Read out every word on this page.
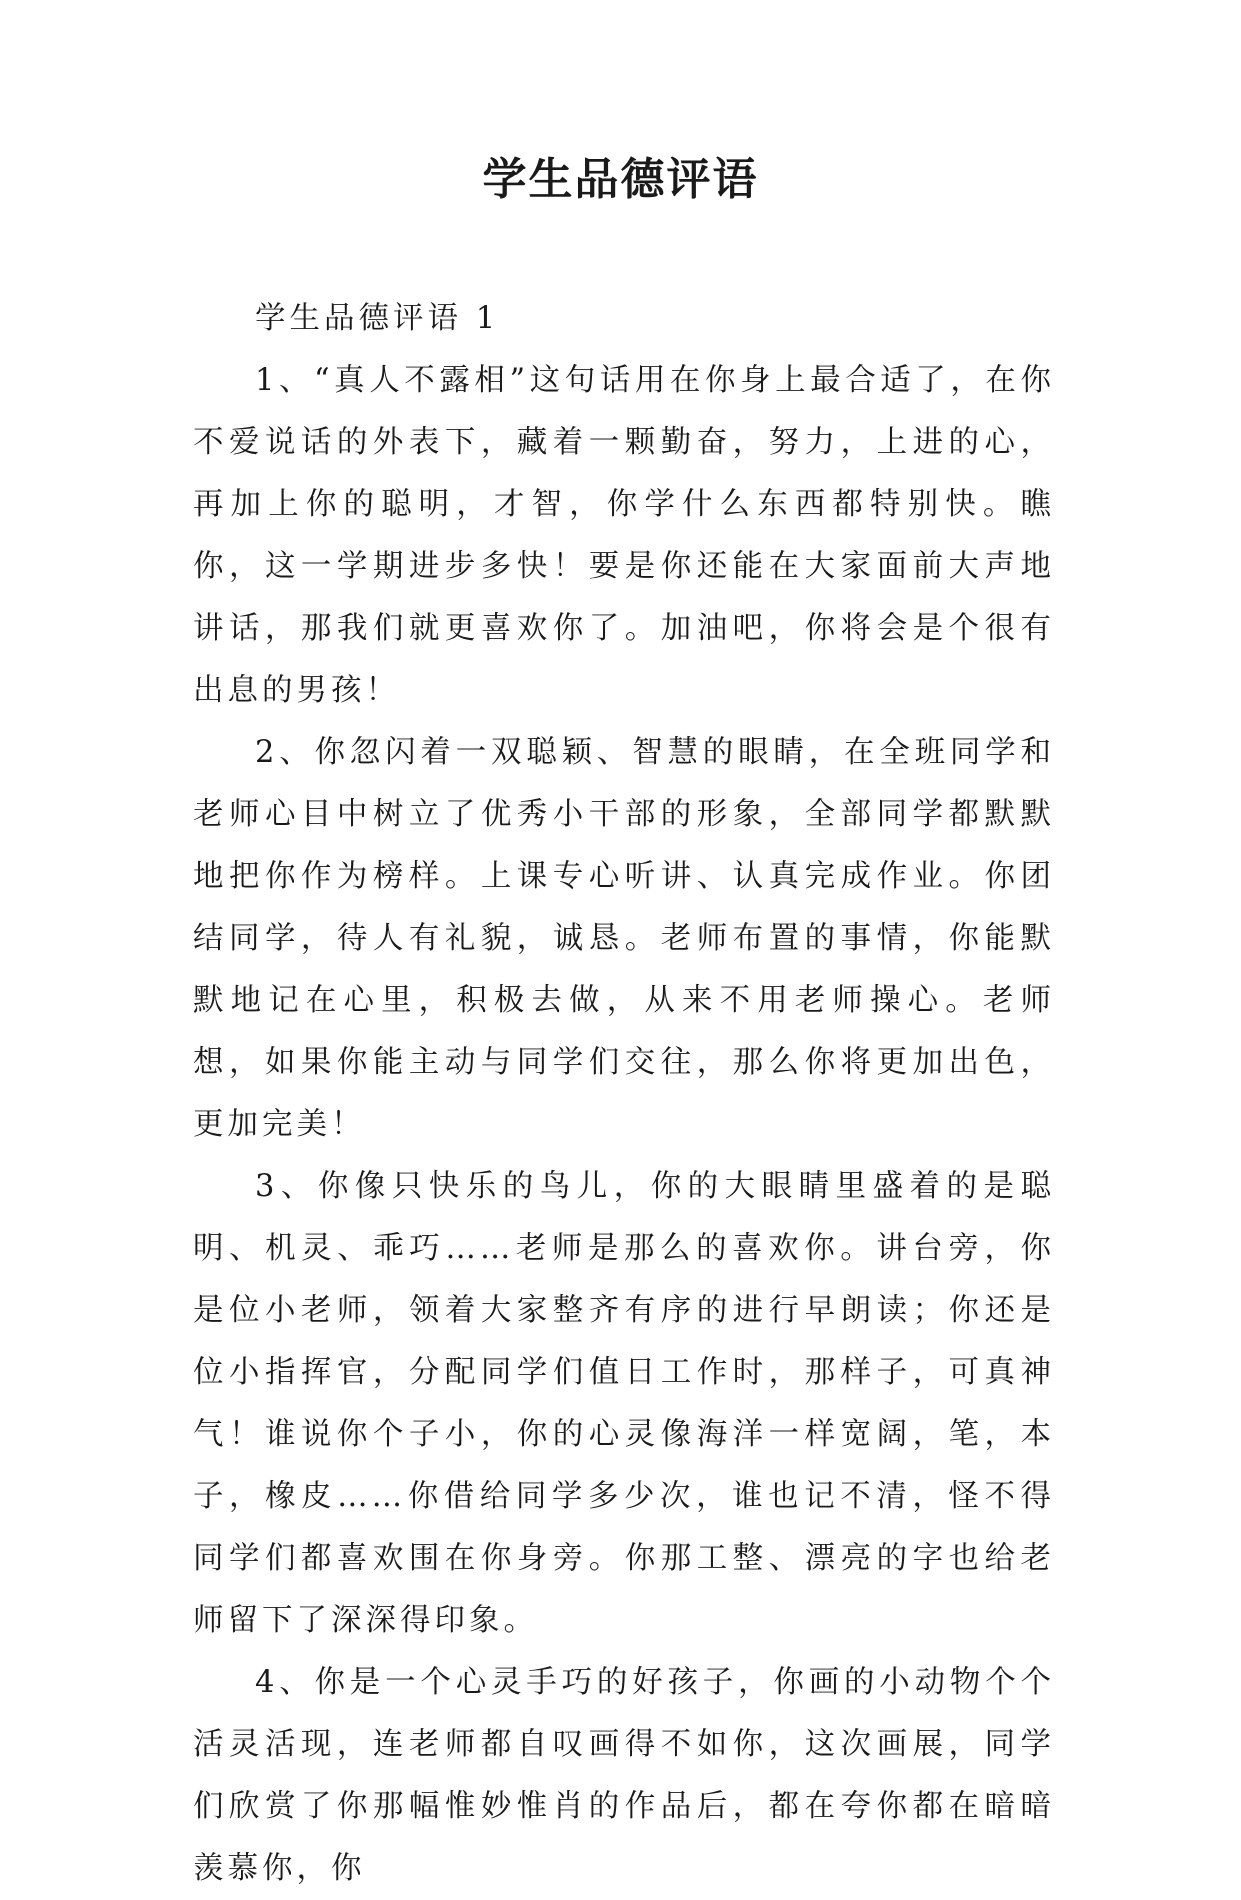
学生品德评语

学生品德评语 1

1、“真人不露相”这句话用在你身上最合适了，在你不爱说话的外表下，藏着一颗勤奋，努力，上进的心，再加上你的聪明，才智，你学什么东西都特别快。瞧你，这一学期进步多快！要是你还能在大家面前大声地讲话，那我们就更喜欢你了。加油吧，你将会是个很有出息的男孩！

2、你忽闪着一双聪颖、智慧的眼睛，在全班同学和老师心目中树立了优秀小干部的形象，全部同学都默默地把你作为榜样。上课专心听讲、认真完成作业。你团结同学，待人有礼貌，诚恳。老师布置的事情，你能默默地记在心里，积极去做，从来不用老师操心。老师想，如果你能主动与同学们交往，那么你将更加出色，更加完美！

3、你像只快乐的鸟儿，你的大眼睛里盛着的是聪明、机灵、乖巧……老师是那么的喜欢你。讲台旁，你是位小老师，领着大家整齐有序的进行早朗读；你还是位小指挥官，分配同学们值日工作时，那样子，可真神气！谁说你个子小，你的心灵像海洋一样宽阔，笔，本子，橡皮……你借给同学多少次，谁也记不清，怪不得同学们都喜欢围在你身旁。你那工整、漂亮的字也给老师留下了深深得印象。

4、你是一个心灵手巧的好孩子，你画的小动物个个活灵活现，连老师都自叹画得不如你，这次画展，同学们欣赏了你那幅惟妙惟肖的作品后，都在夸你都在暗暗羡慕你，你
